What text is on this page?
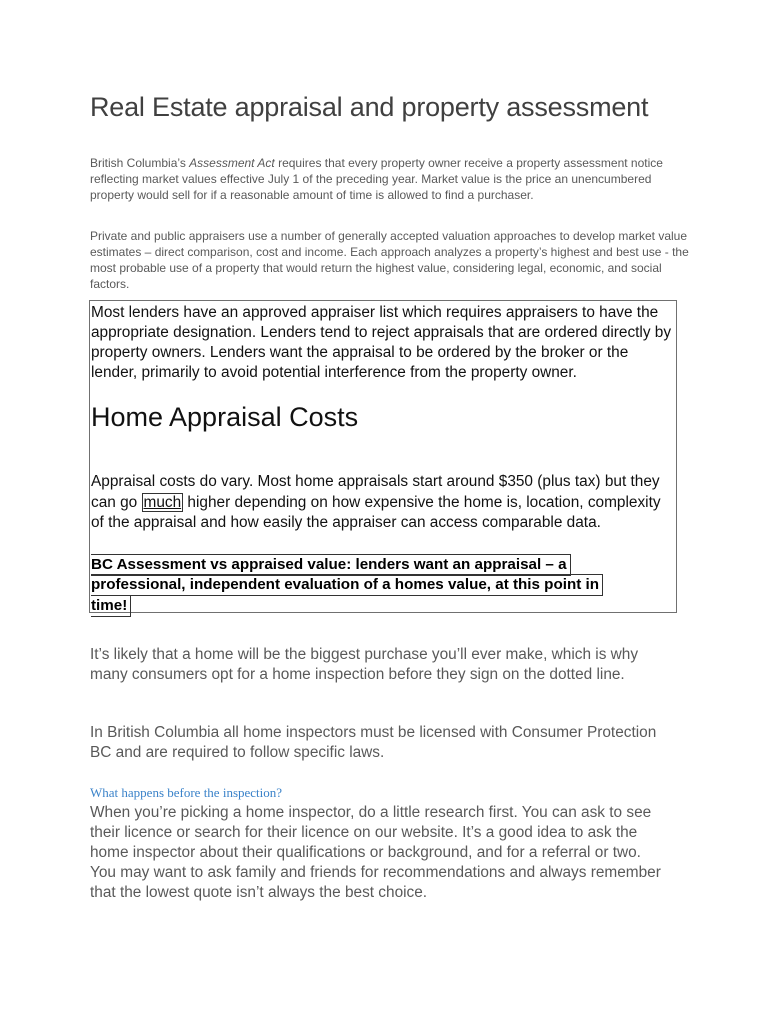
Real Estate appraisal and property assessment

British Columbia’s Assessment Act requires that every property owner receive a property assessment notice reflecting market values effective July 1 of the preceding year. Market value is the price an unencumbered property would sell for if a reasonable amount of time is allowed to find a purchaser.

Private and public appraisers use a number of generally accepted valuation approaches to develop market value estimates – direct comparison, cost and income. Each approach analyzes a property’s highest and best use - the most probable use of a property that would return the highest value, considering legal, economic, and social factors.

Most lenders have an approved appraiser list which requires appraisers to have the appropriate designation. Lenders tend to reject appraisals that are ordered directly by property owners. Lenders want the appraisal to be ordered by the broker or the lender, primarily to avoid potential interference from the property owner.

Home Appraisal Costs

Appraisal costs do vary. Most home appraisals start around $350 (plus tax) but they can go much higher depending on how expensive the home is, location, complexity of the appraisal and how easily the appraiser can access comparable data.

BC Assessment vs appraised value: lenders want an appraisal – a

professional, independent evaluation of a homes value, at this point in

time!

It’s likely that a home will be the biggest purchase you’ll ever make, which is why many consumers opt for a home inspection before they sign on the dotted line.

In British Columbia all home inspectors must be licensed with Consumer Protection BC and are required to follow specific laws.

What happens before the inspection?

When you’re picking a home inspector, do a little research first. You can ask to see their licence or search for their licence on our website. It’s a good idea to ask the home inspector about their qualifications or background, and for a referral or two. You may want to ask family and friends for recommendations and always remember that the lowest quote isn’t always the best choice.
